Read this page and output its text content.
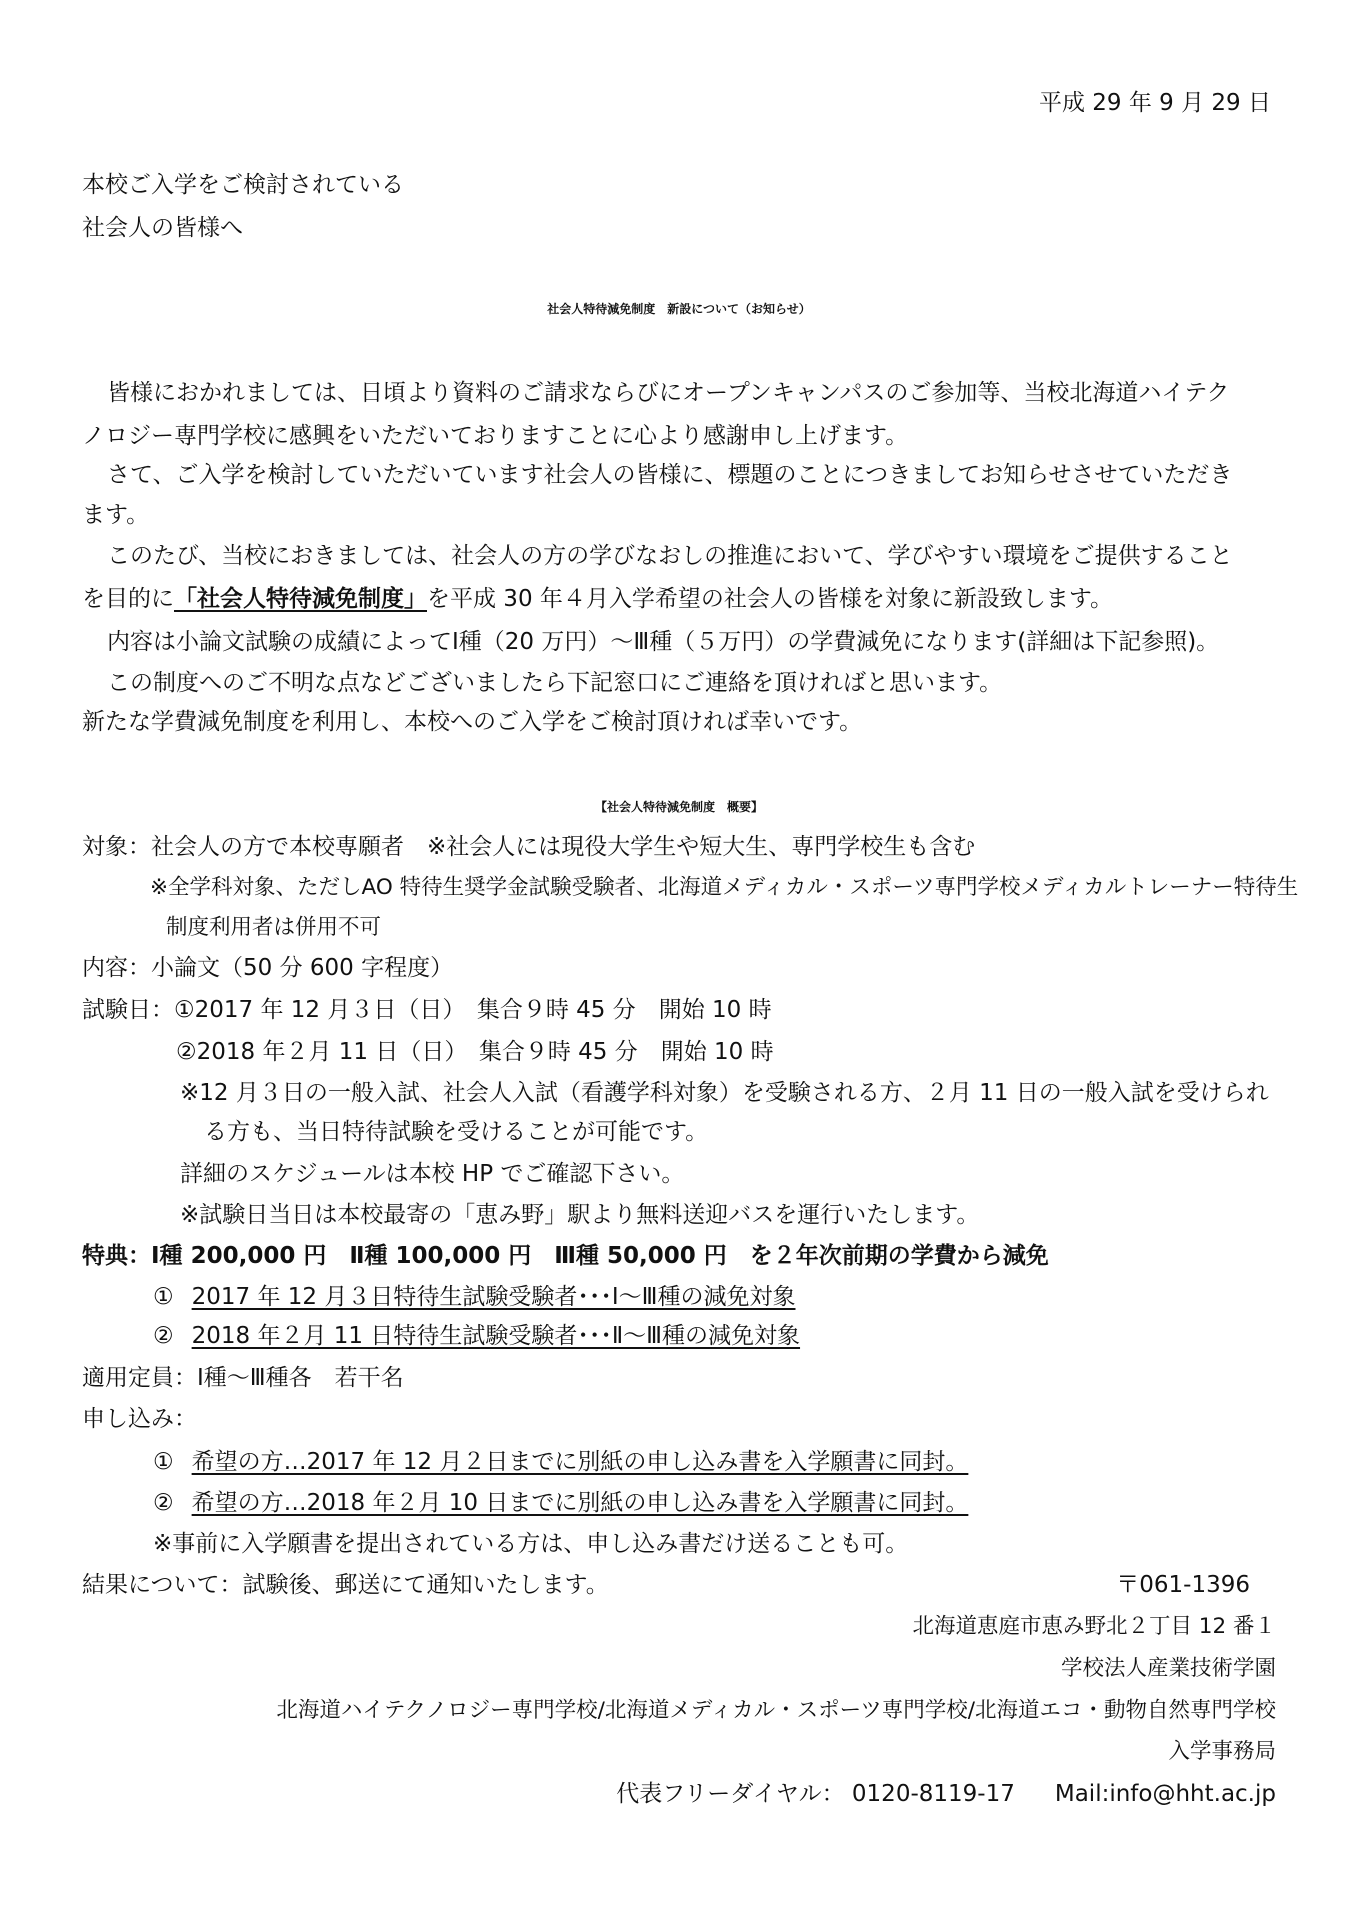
平成 29 年 9 月 29 日

本校ご入学をご検討されている

社会人の皆様へ

社会人特待減免制度　新設について（お知らせ）

皆様におかれましては、日頃より資料のご請求ならびにオープンキャンパスのご参加等、当校北海道ハイテク

ノロジー専門学校に感興をいただいておりますことに心より感謝申し上げます。

さて、ご入学を検討していただいています社会人の皆様に、標題のことにつきましてお知らせさせていただき

ます。

このたび、当校におきましては、社会人の方の学びなおしの推進において、学びやすい環境をご提供すること

を目的に「社会人特待減免制度」を平成 30 年４月入学希望の社会人の皆様を対象に新設致します。

内容は小論文試験の成績によってⅠ種（20 万円）～Ⅲ種（５万円）の学費減免になります(詳細は下記参照)。

この制度へのご不明な点などございましたら下記窓口にご連絡を頂ければと思います。

新たな学費減免制度を利用し、本校へのご入学をご検討頂ければ幸いです。

【社会人特待減免制度　概要】

対象：社会人の方で本校専願者　※社会人には現役大学生や短大生、専門学校生も含む

※全学科対象、ただしAO 特待生奨学金試験受験者、北海道メディカル・スポーツ専門学校メディカルトレーナー特待生

制度利用者は併用不可

内容：小論文（50 分 600 字程度）

試験日：①2017 年 12 月３日（日）　集合９時 45 分　開始 10 時

②2018 年２月 11 日（日）　集合９時 45 分　開始 10 時

※12 月３日の一般入試、社会人入試（看護学科対象）を受験される方、２月 11 日の一般入試を受けられ

る方も、当日特待試験を受けることが可能です。

詳細のスケジュールは本校 HP でご確認下さい。

※試験日当日は本校最寄の「恵み野」駅より無料送迎バスを運行いたします。

特典：Ⅰ種 200,000 円　Ⅱ種 100,000 円　Ⅲ種 50,000 円　を２年次前期の学費から減免

① 2017 年 12 月３日特待生試験受験者･･･Ⅰ～Ⅲ種の減免対象

② 2018 年２月 11 日特待生試験受験者･･･Ⅱ～Ⅲ種の減免対象

適用定員：Ⅰ種～Ⅲ種各　若干名

申し込み：

① 希望の方…2017 年 12 月２日までに別紙の申し込み書を入学願書に同封。

② 希望の方…2018 年２月 10 日までに別紙の申し込み書を入学願書に同封。

※事前に入学願書を提出されている方は、申し込み書だけ送ることも可。

結果について：試験後、郵送にて通知いたします。	〒061-1396

北海道恵庭市恵み野北２丁目 12 番１

学校法人産業技術学園

北海道ハイテクノロジー専門学校/北海道メディカル・スポーツ専門学校/北海道エコ・動物自然専門学校

入学事務局

代表フリーダイヤル： 0120-8119-17 Mail:info@hht.ac.jp
